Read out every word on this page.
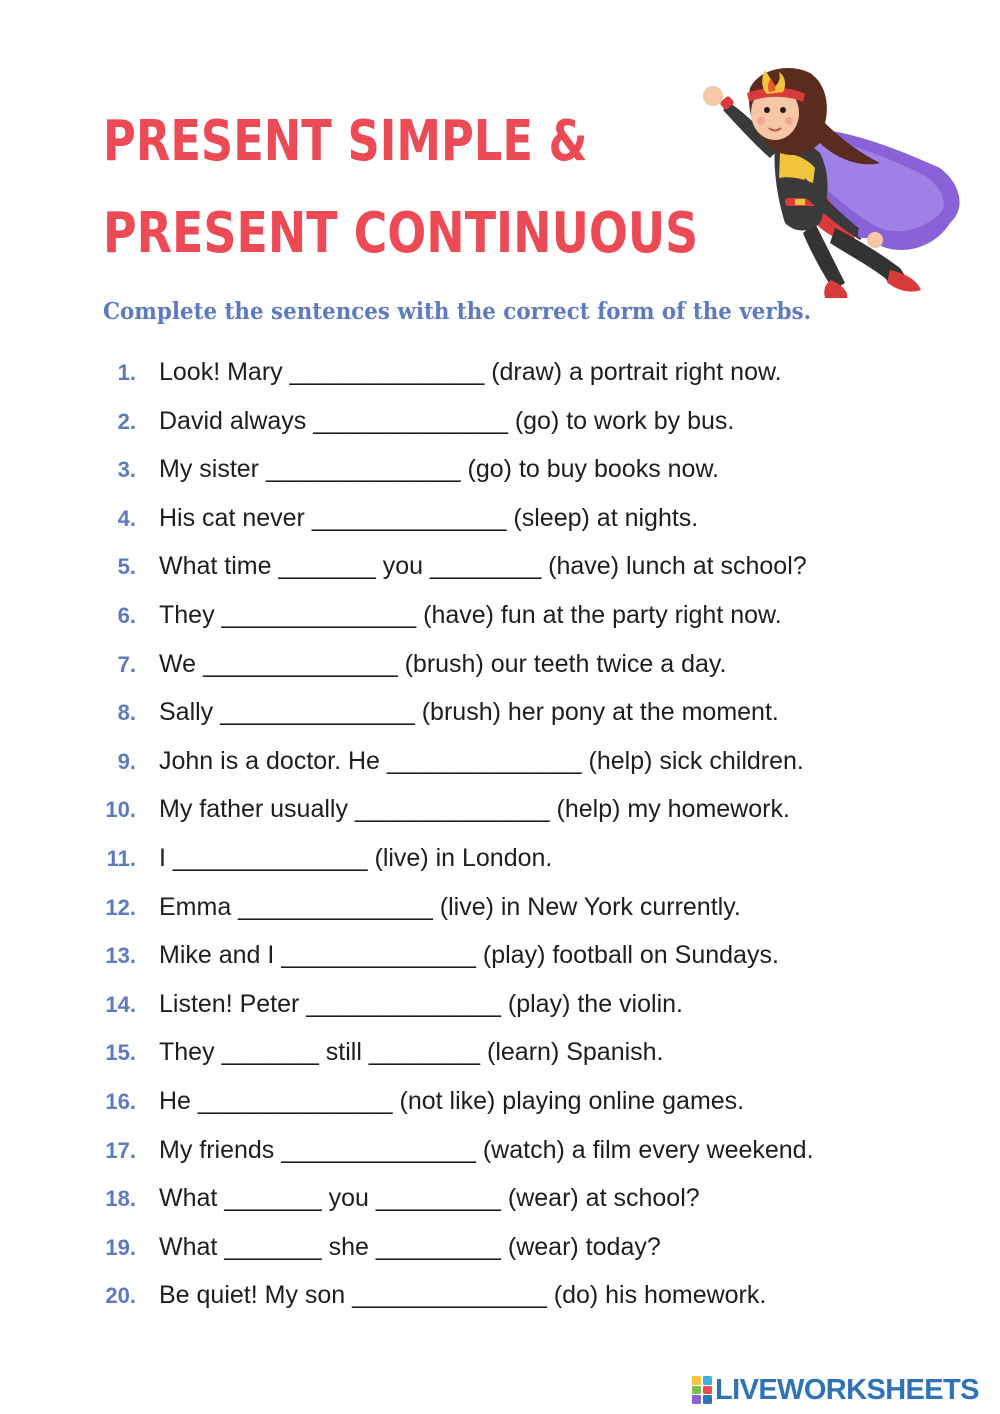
PRESENT SIMPLE &
PRESENT CONTINUOUS

Complete the sentences with the correct form of the verbs.

1. Look! Mary ______________ (draw) a portrait right now.
2. David always ______________ (go) to work by bus.
3. My sister ______________ (go) to buy books now.
4. His cat never ______________ (sleep) at nights.
5. What time _______ you ________ (have) lunch at school?
6. They ______________ (have) fun at the party right now.
7. We ______________ (brush) our teeth twice a day.
8. Sally ______________ (brush) her pony at the moment.
9. John is a doctor. He ______________ (help) sick children.
10. My father usually ______________ (help) my homework.
11. I ______________ (live) in London.
12. Emma ______________ (live) in New York currently.
13. Mike and I ______________ (play) football on Sundays.
14. Listen! Peter ______________ (play) the violin.
15. They _______ still ________ (learn) Spanish.
16. He ______________ (not like) playing online games.
17. My friends ______________ (watch) a film every weekend.
18. What _______ you _________ (wear) at school?
19. What _______ she _________ (wear) today?
20. Be quiet! My son ______________ (do) his homework.
LIVEWORKSHEETS
